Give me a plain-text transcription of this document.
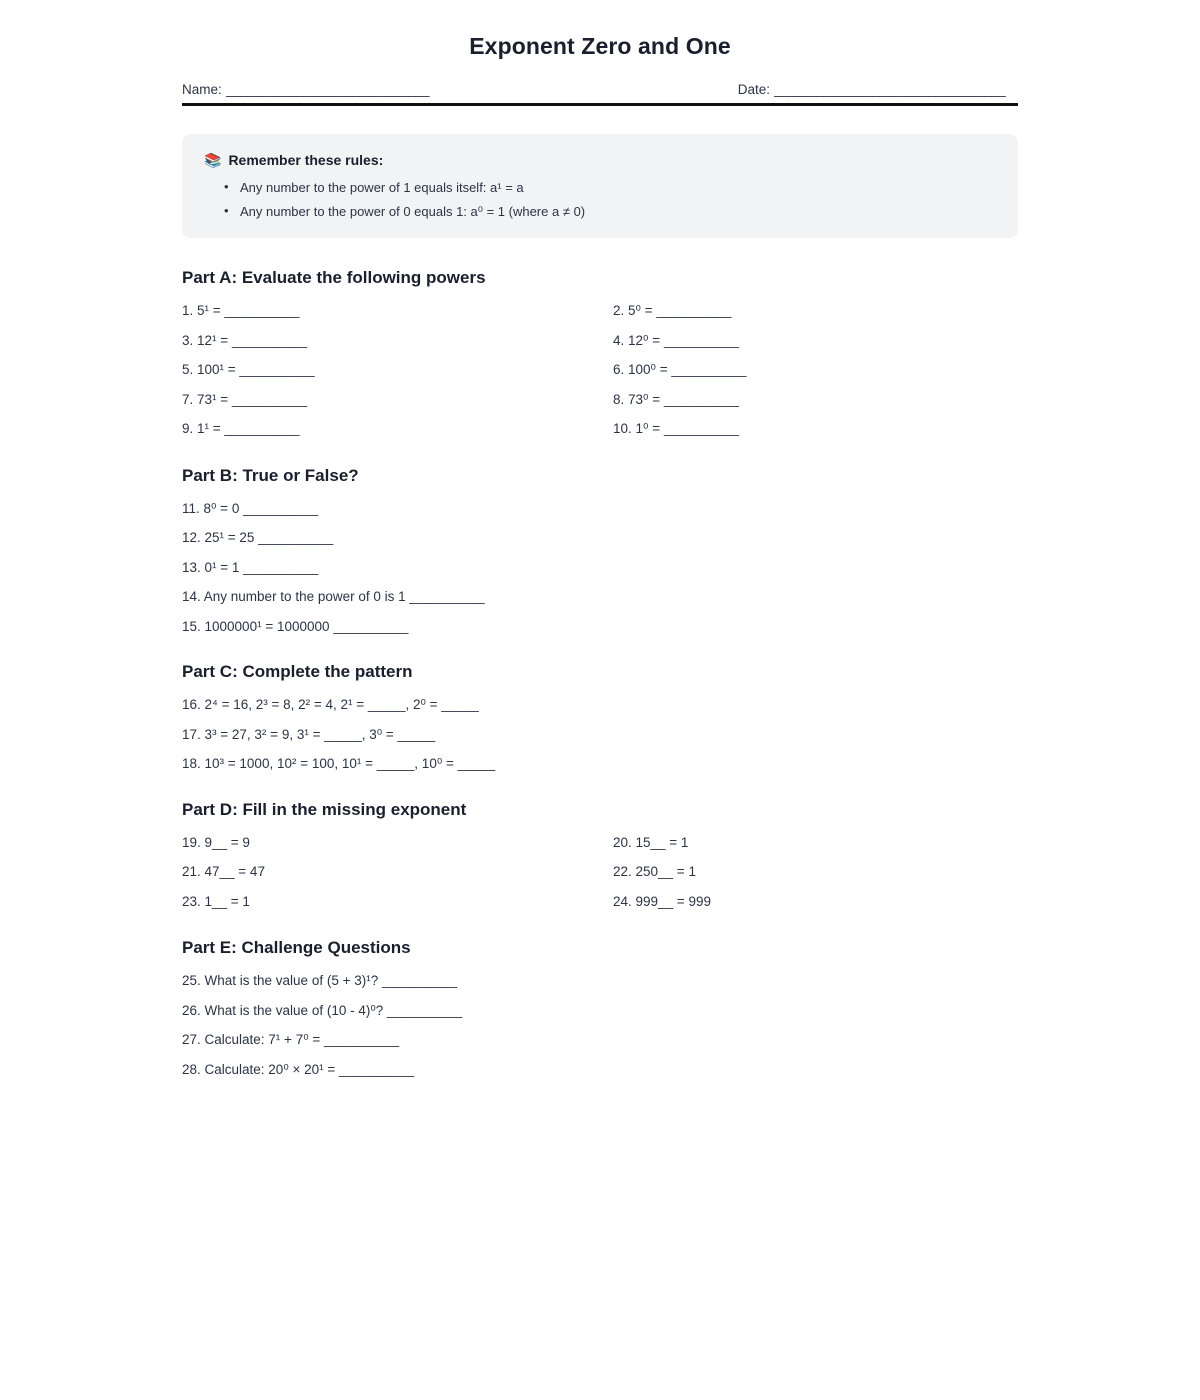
Exponent Zero and One
Name: _____________________________	Date: _________________________________
📚 Remember these rules:
• Any number to the power of 1 equals itself: a¹ = a
• Any number to the power of 0 equals 1: a⁰ = 1 (where a ≠ 0)
Part A: Evaluate the following powers
1. 5¹ = __________	2. 5⁰ = __________
3. 12¹ = __________	4. 12⁰ = __________
5. 100¹ = __________	6. 100⁰ = __________
7. 73¹ = __________	8. 73⁰ = __________
9. 1¹ = __________	10. 1⁰ = __________
Part B: True or False?
11. 8⁰ = 0 __________
12. 25¹ = 25 __________
13. 0¹ = 1 __________
14. Any number to the power of 0 is 1 __________
15. 1000000¹ = 1000000 __________
Part C: Complete the pattern
16. 2⁴ = 16, 2³ = 8, 2² = 4, 2¹ = _____, 2⁰ = _____
17. 3³ = 27, 3² = 9, 3¹ = _____, 3⁰ = _____
18. 10³ = 1000, 10² = 100, 10¹ = _____, 10⁰ = _____
Part D: Fill in the missing exponent
19. 9__ = 9	20. 15__ = 1
21. 47__ = 47	22. 250__ = 1
23. 1__ = 1	24. 999__ = 999
Part E: Challenge Questions
25. What is the value of (5 + 3)¹? __________
26. What is the value of (10 - 4)⁰? __________
27. Calculate: 7¹ + 7⁰ = __________
28. Calculate: 20⁰ × 20¹ = __________
